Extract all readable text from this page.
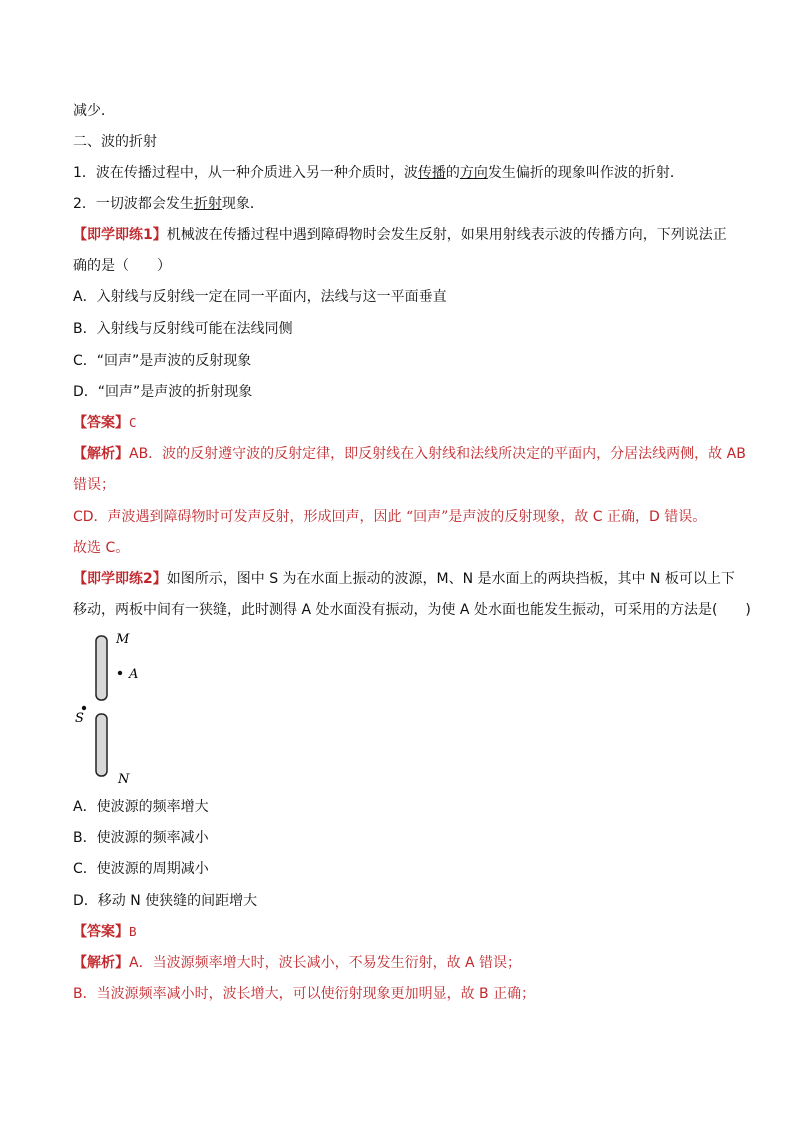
减少．
二、波的折射
1．波在传播过程中，从一种介质进入另一种介质时，波传播的方向发生偏折的现象叫作波的折射．
2．一切波都会发生折射现象．
【即学即练1】机械波在传播过程中遇到障碍物时会发生反射，如果用射线表示波的传播方向，下列说法正
确的是（　　）
A．入射线与反射线一定在同一平面内，法线与这一平面垂直
B．入射线与反射线可能在法线同侧
C．“回声”是声波的反射现象
D．“回声”是声波的折射现象
【答案】C
【解析】AB．波的反射遵守波的反射定律，即反射线在入射线和法线所决定的平面内，分居法线两侧，故 AB
错误；
CD．声波遇到障碍物时可发声反射，形成回声，因此 “回声”是声波的反射现象，故 C 正确，D 错误。
故选 C。
【即学即练2】如图所示，图中 S 为在水面上振动的波源，M、N 是水面上的两块挡板，其中 N 板可以上下
移动，两板中间有一狭缝，此时测得 A 处水面没有振动，为使 A 处水面也能发生振动，可采用的方法是(　　)
M
A
S
N
A．使波源的频率增大
B．使波源的频率减小
C．使波源的周期减小
D．移动 N 使狭缝的间距增大
【答案】B
【解析】A．当波源频率增大时，波长减小，不易发生衍射，故 A 错误；
B．当波源频率减小时，波长增大，可以使衍射现象更加明显，故 B 正确；
